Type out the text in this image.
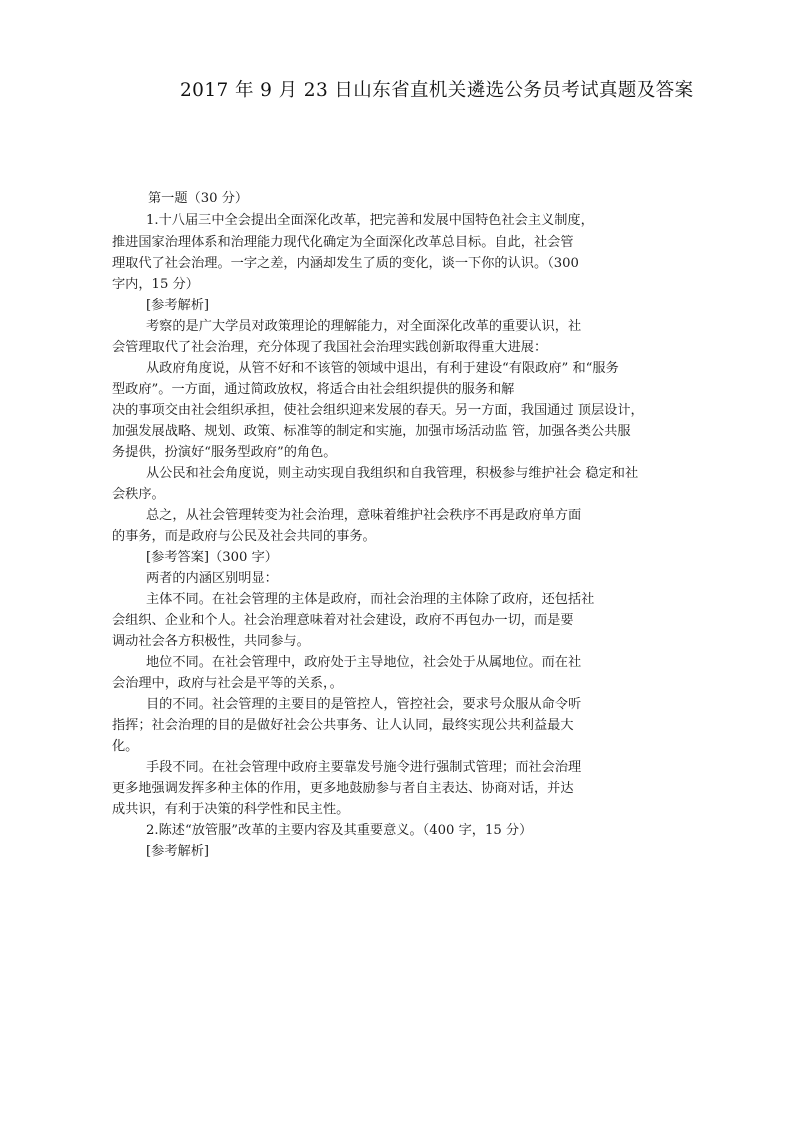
2017 年 9 月 23 日山东省直机关遴选公务员考试真题及答案
第一题（30 分）
1.十八届三中全会提出全面深化改革，把完善和发展中国特色社会主义制度，
推进国家治理体系和治理能力现代化确定为全面深化改革总目标。自此，社会管
理取代了社会治理。一字之差，内涵却发生了质的变化，谈一下你的认识。（300
字内，15 分）
[参考解析]
考察的是广大学员对政策理论的理解能力，对全面深化改革的重要认识，社
会管理取代了社会治理，充分体现了我国社会治理实践创新取得重大进展：
从政府角度说，从管不好和不该管的领域中退出，有利于建设“有限政府” 和“服务
型政府”。一方面，通过简政放权，将适合由社会组织提供的服务和解
决的事项交由社会组织承担，使社会组织迎来发展的春天。另一方面，我国通过 顶层设计，
加强发展战略、规划、政策、标准等的制定和实施，加强市场活动监 管，加强各类公共服
务提供，扮演好“服务型政府”的角色。
从公民和社会角度说，则主动实现自我组织和自我管理，积极参与维护社会 稳定和社
会秩序。
总之，从社会管理转变为社会治理，意味着维护社会秩序不再是政府单方面
的事务，而是政府与公民及社会共同的事务。
[参考答案]（300 字）
两者的内涵区别明显：
主体不同。在社会管理的主体是政府，而社会治理的主体除了政府，还包括社
会组织、企业和个人。社会治理意味着对社会建设，政府不再包办一切，而是要
调动社会各方积极性，共同参与。
地位不同。在社会管理中，政府处于主导地位，社会处于从属地位。而在社
会治理中，政府与社会是平等的关系，。
目的不同。社会管理的主要目的是管控人，管控社会，要求号众服从命令听
指挥；社会治理的目的是做好社会公共事务、让人认同，最终实现公共利益最大
化。
手段不同。在社会管理中政府主要靠发号施令进行强制式管理；而社会治理
更多地强调发挥多种主体的作用，更多地鼓励参与者自主表达、协商对话，并达
成共识，有利于决策的科学性和民主性。
2.陈述“放管服”改革的主要内容及其重要意义。（400 字，15 分）
[参考解析]
